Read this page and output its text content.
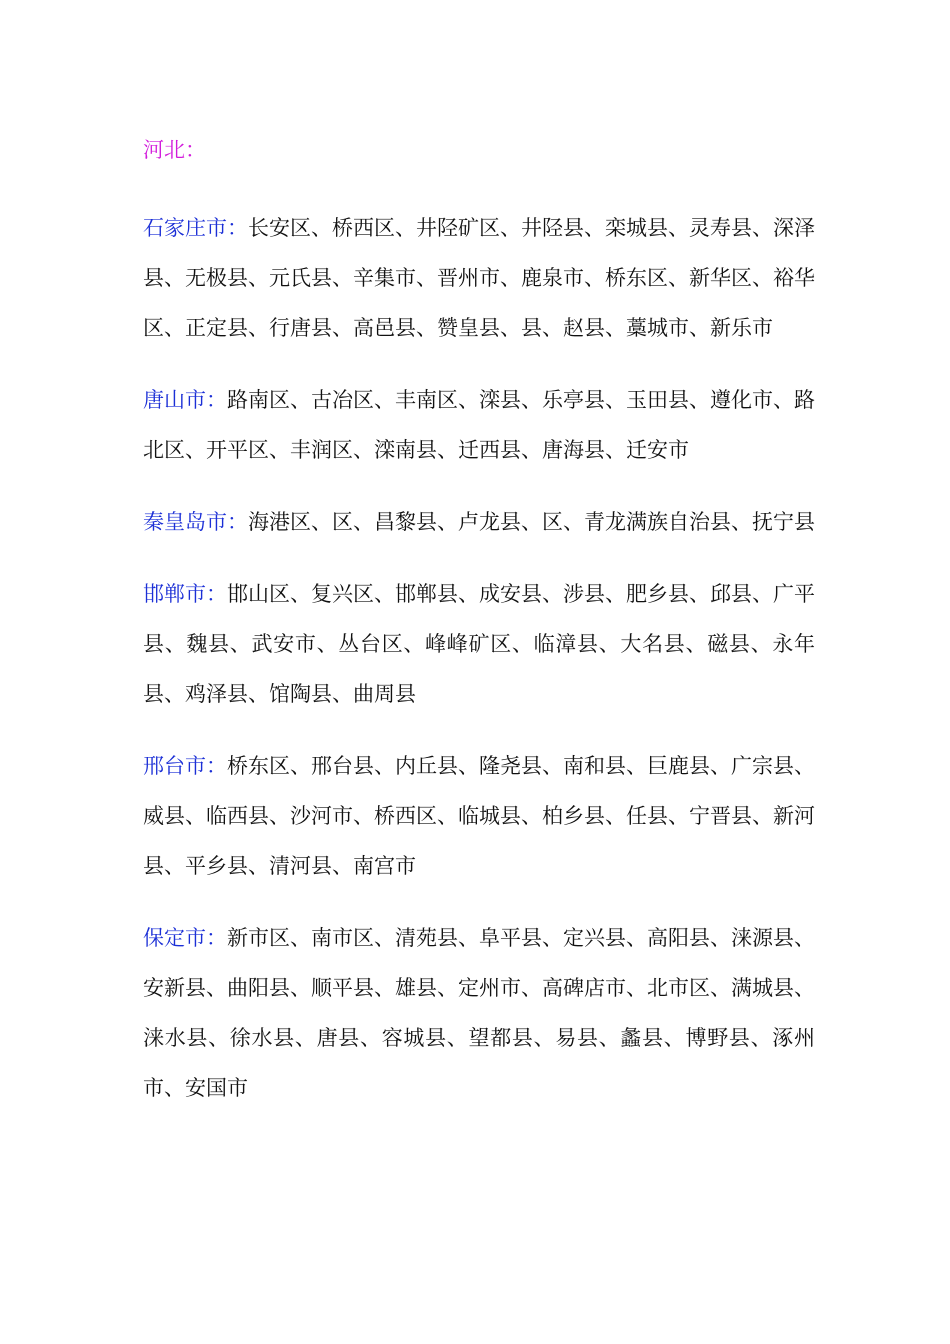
河北：
石家庄市：长安区、桥西区、井陉矿区、井陉县、栾城县、灵寿县、深泽县、无极县、元氏县、辛集市、晋州市、鹿泉市、桥东区、新华区、裕华区、正定县、行唐县、高邑县、赞皇县、县、赵县、藁城市、新乐市
唐山市：路南区、古冶区、丰南区、滦县、乐亭县、玉田县、遵化市、路北区、开平区、丰润区、滦南县、迁西县、唐海县、迁安市
秦皇岛市：海港区、区、昌黎县、卢龙县、区、青龙满族自治县、抚宁县
邯郸市：邯山区、复兴区、邯郸县、成安县、涉县、肥乡县、邱县、广平县、魏县、武安市、丛台区、峰峰矿区、临漳县、大名县、磁县、永年县、鸡泽县、馆陶县、曲周县
邢台市：桥东区、邢台县、内丘县、隆尧县、南和县、巨鹿县、广宗县、威县、临西县、沙河市、桥西区、临城县、柏乡县、任县、宁晋县、新河县、平乡县、清河县、南宫市
保定市：新市区、南市区、清苑县、阜平县、定兴县、高阳县、涞源县、安新县、曲阳县、顺平县、雄县、定州市、高碑店市、北市区、满城县、涞水县、徐水县、唐县、容城县、望都县、易县、蠡县、博野县、涿州市、安国市
